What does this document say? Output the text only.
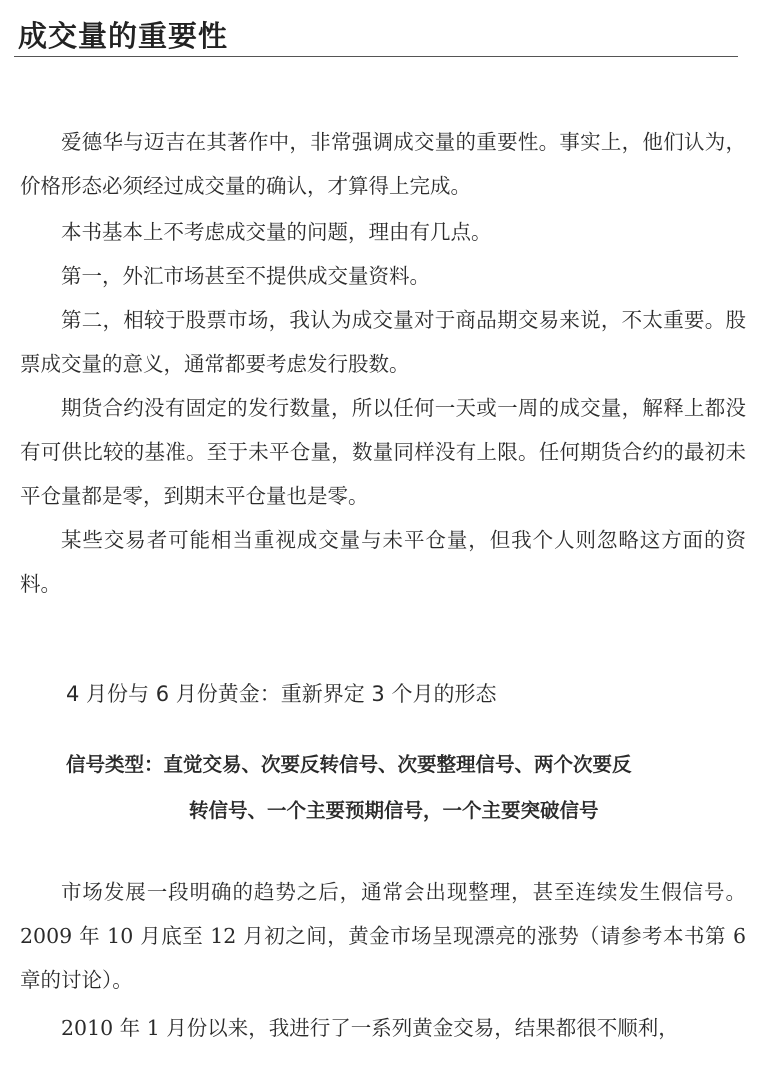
成交量的重要性

爱德华与迈吉在其著作中，非常强调成交量的重要性。事实上，他们认为，价格形态必须经过成交量的确认，才算得上完成。

本书基本上不考虑成交量的问题，理由有几点。

第一，外汇市场甚至不提供成交量资料。

第二，相较于股票市场，我认为成交量对于商品期交易来说，不太重要。股票成交量的意义，通常都要考虑发行股数。

期货合约没有固定的发行数量，所以任何一天或一周的成交量，解释上都没有可供比较的基准。至于未平仓量，数量同样没有上限。任何期货合约的最初未平仓量都是零，到期末平仓量也是零。

某些交易者可能相当重视成交量与未平仓量，但我个人则忽略这方面的资料。

4 月份与 6 月份黄金：重新界定 3 个月的形态
信号类型：直觉交易、次要反转信号、次要整理信号、两个次要反
转信号、一个主要预期信号，一个主要突破信号

市场发展一段明确的趋势之后，通常会出现整理，甚至连续发生假信号。2009 年 10 月底至 12 月初之间，黄金市场呈现漂亮的涨势（请参考本书第 6 章的讨论）。

2010 年 1 月份以来，我进行了一系列黄金交易，结果都很不顺利，
